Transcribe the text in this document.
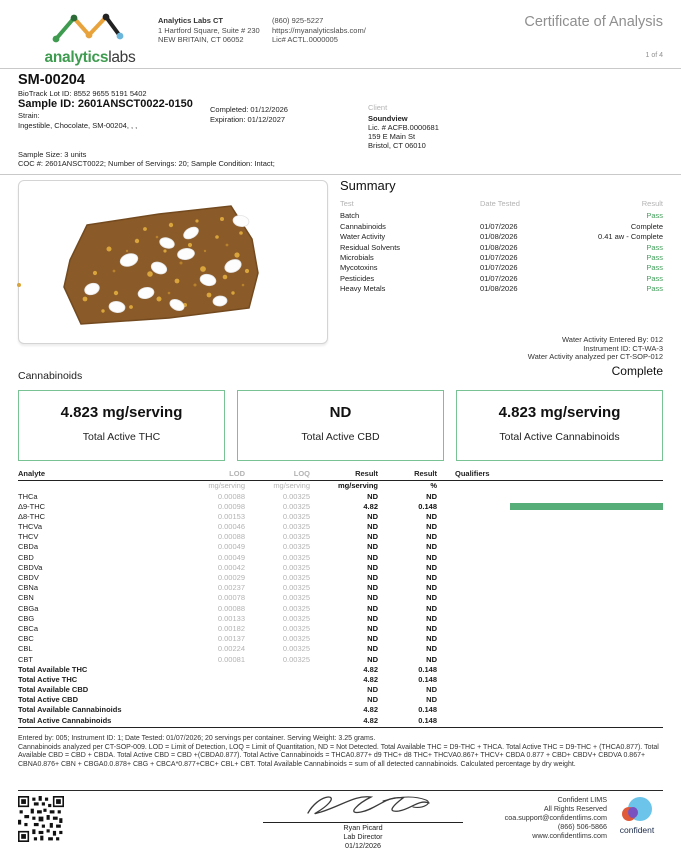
analyticslabs
Analytics Labs CT
1 Hartford Square, Suite # 230
NEW BRITAIN, CT 06052
(860) 925-5227
https://myanalyticslabs.com/
Lic# ACTL.0000005
Certificate of Analysis
1 of 4
SM-00204
BioTrack Lot ID: 8552 9655 5191 5402
Sample ID: 2601ANSCT0022-0150
Strain:
Ingestible, Chocolate, SM-00204, , ,
Sample Size: 3 units
COC #: 2601ANSCT0022; Number of Servings: 20; Sample Condition: Intact;
Completed: 01/12/2026
Expiration: 01/12/2027
Client
Soundview
Lic. # ACFB.0000681
159 E Main St
Bristol, CT 06010
Summary
Test	Date Tested	Result
Batch	Pass
Cannabinoids	01/07/2026	Complete
Water Activity	01/08/2026	0.41 aw - Complete
Residual Solvents	01/08/2026	Pass
Microbials	01/07/2026	Pass
Mycotoxins	01/07/2026	Pass
Pesticides	01/07/2026	Pass
Heavy Metals	01/08/2026	Pass
Water Activity Entered By: 012
Instrument ID: CT-WA-3
Water Activity analyzed per CT-SOP-012
Cannabinoids	Complete
4.823 mg/serving
Total Active THC
ND
Total Active CBD
4.823 mg/serving
Total Active Cannabinoids
Analyte	LOD	LOQ	Result	Result	Qualifiers
mg/serving	mg/serving	mg/serving	%
THCa	0.00088	0.00325	ND	ND
Δ9-THC	0.00098	0.00325	4.82	0.148
Δ8-THC	0.00153	0.00325	ND	ND
THCVa	0.00046	0.00325	ND	ND
THCV	0.00088	0.00325	ND	ND
CBDa	0.00049	0.00325	ND	ND
CBD	0.00049	0.00325	ND	ND
CBDVa	0.00042	0.00325	ND	ND
CBDV	0.00029	0.00325	ND	ND
CBNa	0.00237	0.00325	ND	ND
CBN	0.00078	0.00325	ND	ND
CBGa	0.00088	0.00325	ND	ND
CBG	0.00133	0.00325	ND	ND
CBCa	0.00182	0.00325	ND	ND
CBC	0.00137	0.00325	ND	ND
CBL	0.00224	0.00325	ND	ND
CBT	0.00081	0.00325	ND	ND
Total Available THC	4.82	0.148
Total Active THC	4.82	0.148
Total Available CBD	ND	ND
Total Active CBD	ND	ND
Total Available Cannabinoids	4.82	0.148
Total Active Cannabinoids	4.82	0.148
Entered by: 005; Instrument ID: 1; Date Tested: 01/07/2026; 20 servings per container. Serving Weight: 3.25 grams.
Cannabinoids analyzed per CT-SOP-009. LOD = Limit of Detection, LOQ = Limit of Quantitation, ND = Not Detected. Total Available THC = D9-THC + THCA. Total Active THC = D9-THC + (THCA0.877). Total Available CBD = CBD + CBDA. Total Active CBD = CBD +(CBDA0.877). Total Active Cannabinoids = THCA0.877+ d9 THC+ d8 THC+ THCVA0.867+ THCV+ CBDA 0.877 + CBD+ CBDV+ CBDVA 0.867+ CBNA0.876+ CBN + CBGA0.0.878+ CBG + CBCA*0.877+CBC+ CBL+ CBT. Total Available Cannabinoids = sum of all detected cannabinoids. Calculated percentage by dry weight.
Ryan Picard
Lab Director
01/12/2026
Confident LIMS
All Rights Reserved
coa.support@confidentlims.com
(866) 506-5866
www.confidentlims.com
confident
